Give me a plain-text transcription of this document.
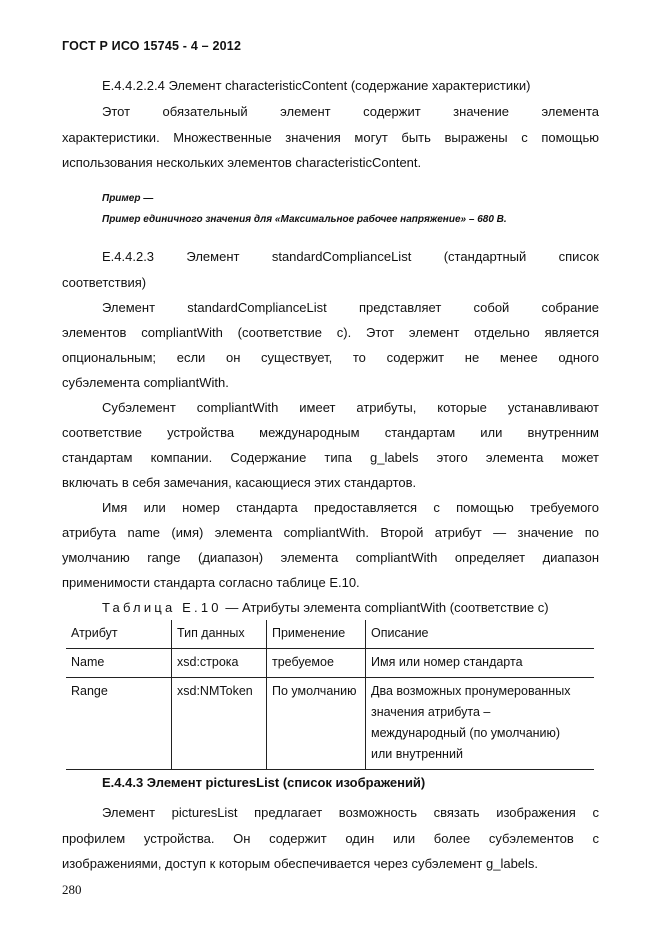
ГОСТ Р ИСО 15745 - 4 – 2012
Е.4.4.2.2.4 Элемент characteristicContent (содержание характеристики)
Этот обязательный элемент содержит значение элемента
характеристики. Множественные значения могут быть выражены с помощью
использования нескольких элементов characteristicContent.
Пример —
Пример единичного значения для «Максимальное рабочее напряжение» – 680 В.
Е.4.4.2.3 Элемент standardComplianceList (стандартный список
соответствия)
Элемент standardComplianceList представляет собой собрание
элементов compliantWith (соответствие с). Этот элемент отдельно является
опциональным; если он существует, то содержит не менее одного
субэлемента compliantWith.
Субэлемент compliantWith имеет атрибуты, которые устанавливают
соответствие устройства международным стандартам или внутренним
стандартам компании. Содержание типа g_labels этого элемента может
включать в себя замечания, касающиеся этих стандартов.
Имя или номер стандарта предоставляется с помощью требуемого
атрибута name (имя) элемента compliantWith. Второй атрибут — значение по
умолчанию range (диапазон) элемента compliantWith определяет диапазон
применимости стандарта согласно таблице Е.10.
Таблица Е.10 — Атрибуты элемента compliantWith (соответствие с)
Атрибут	Тип данных	Применение	Описание
Name	xsd:строка	требуемое	Имя или номер стандарта
Range	xsd:NMToken	По умолчанию	Два возможных пронумерованных
значения атрибута –
международный (по умолчанию)
или внутренний
Е.4.4.3 Элемент picturesList (список изображений)
Элемент picturesList предлагает возможность связать изображения с
профилем устройства. Он содержит один или более субэлементов с
изображениями, доступ к которым обеспечивается через субэлемент g_labels.
280
